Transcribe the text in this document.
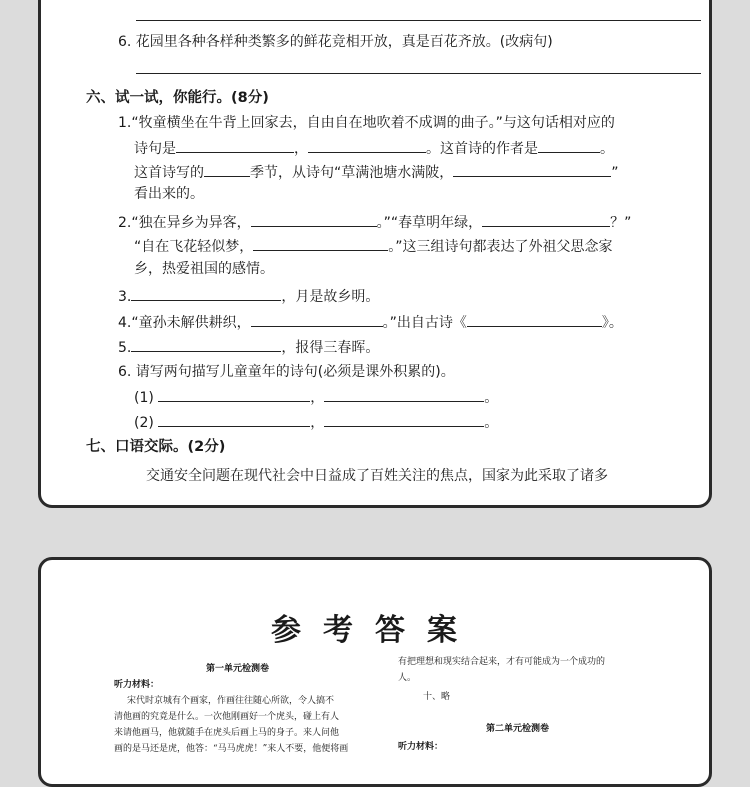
6. 花园里各种各样种类繁多的鲜花竞相开放，真是百花齐放。(改病句)
六、试一试，你能行。(8分)
1.“牧童横坐在牛背上回家去，自由自在地吹着不成调的曲子。”与这句话相对应的
诗句是	，	。这首诗的作者是	。
这首诗写的	季节，从诗句“草满池塘水满陂，	”
看出来的。
2.“独在异乡为异客，	。”“春草明年绿，	？”
“自在飞花轻似梦，	。”这三组诗句都表达了外祖父思念家
乡，热爱祖国的感情。
3.	，月是故乡明。
4.“童孙未解供耕织，	。”出自古诗《	》。
5.	，报得三春晖。
6. 请写两句描写儿童童年的诗句(必须是课外积累的)。
(1)	，	。
(2)	，	。
七、口语交际。(2分)
交通安全问题在现代社会中日益成了百姓关注的焦点，国家为此采取了诸多
参考答案
第一单元检测卷
听力材料：
宋代时京城有个画家，作画往往随心所欲，令人搞不
清他画的究竟是什么。一次他刚画好一个虎头，碰上有人
来请他画马，他就随手在虎头后画上马的身子。来人问他
画的是马还是虎，他答：“马马虎虎！”来人不要，他便将画
有把理想和现实结合起来，才有可能成为一个成功的
人。
十、略
第二单元检测卷
听力材料：
